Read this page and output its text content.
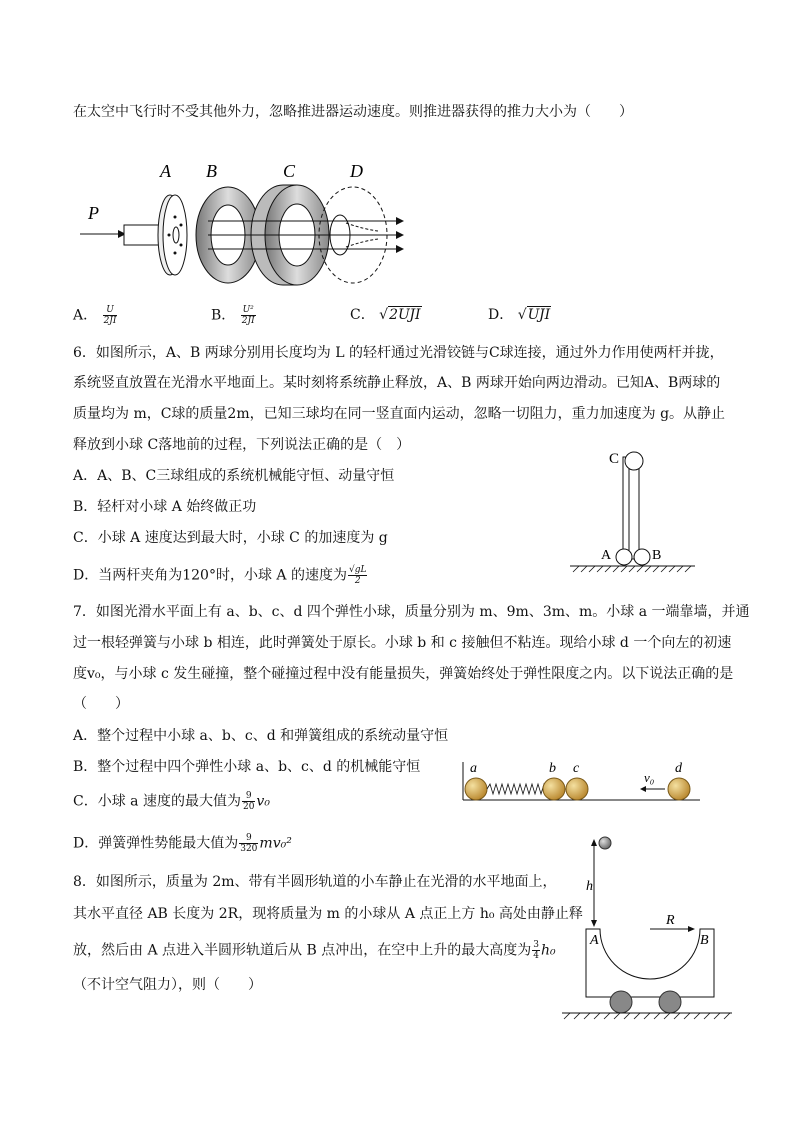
在太空中飞行时不受其他外力，忽略推进器运动速度。则推进器获得的推力大小为（　　）
P
A B	C	D
A． $\frac{U}{2JI}$	B． $\frac{\text{U²}}{2JI}$	C． √2UJI	D． √UJI
6．如图所示，A、B 两球分别用长度均为 L 的轻杆通过光滑铰链与C球连接，通过外力作用使两杆并拢，
系统竖直放置在光滑水平地面上。某时刻将系统静止释放，A、B 两球开始向两边滑动。已知A、B两球的
质量均为 m，C球的质量2m，已知三球均在同一竖直面内运动，忽略一切阻力，重力加速度为 g。从静止
释放到小球 C落地前的过程，下列说法正确的是（　）
A．A、B、C三球组成的系统机械能守恒、动量守恒
B．轻杆对小球 A 始终做正功
C．小球 A 速度达到最大时，小球 C 的加速度为 g
D．当两杆夹角为120°时，小球 A 的速度为 $\frac{√gL}{2}$
C
A	B
7．如图光滑水平面上有 a、b、c、d 四个弹性小球，质量分别为 m、9m、3m、m。小球 a 一端靠墙，并通
过一根轻弹簧与小球 b 相连，此时弹簧处于原长。小球 b 和 c 接触但不粘连。现给小球 d 一个向左的初速
度v₀，与小球 c 发生碰撞，整个碰撞过程中没有能量损失，弹簧始终处于弹性限度之内。以下说法正确的是
（　　）
A．整个过程中小球 a、b、c、d 和弹簧组成的系统动量守恒
B．整个过程中四个弹性小球 a、b、c、d 的机械能守恒
C．小球 a 速度的最大值为 $\frac{9}{20} v_0$
D．弹簧弹性势能最大值为 $\frac{9}{320} mv_0^2$
a	b c	d
v₀
8．如图所示，质量为 2m、带有半圆形轨道的小车静止在光滑的水平地面上，
其水平直径 AB 长度为 2R，现将质量为 m 的小球从 A 点正上方 h₀ 高处由静止释
放，然后由 A 点进入半圆形轨道后从 B 点冲出，在空中上升的最大高度为 $\frac{3}{4} h_0$
（不计空气阻力），则（　　）
h
R
A	B
